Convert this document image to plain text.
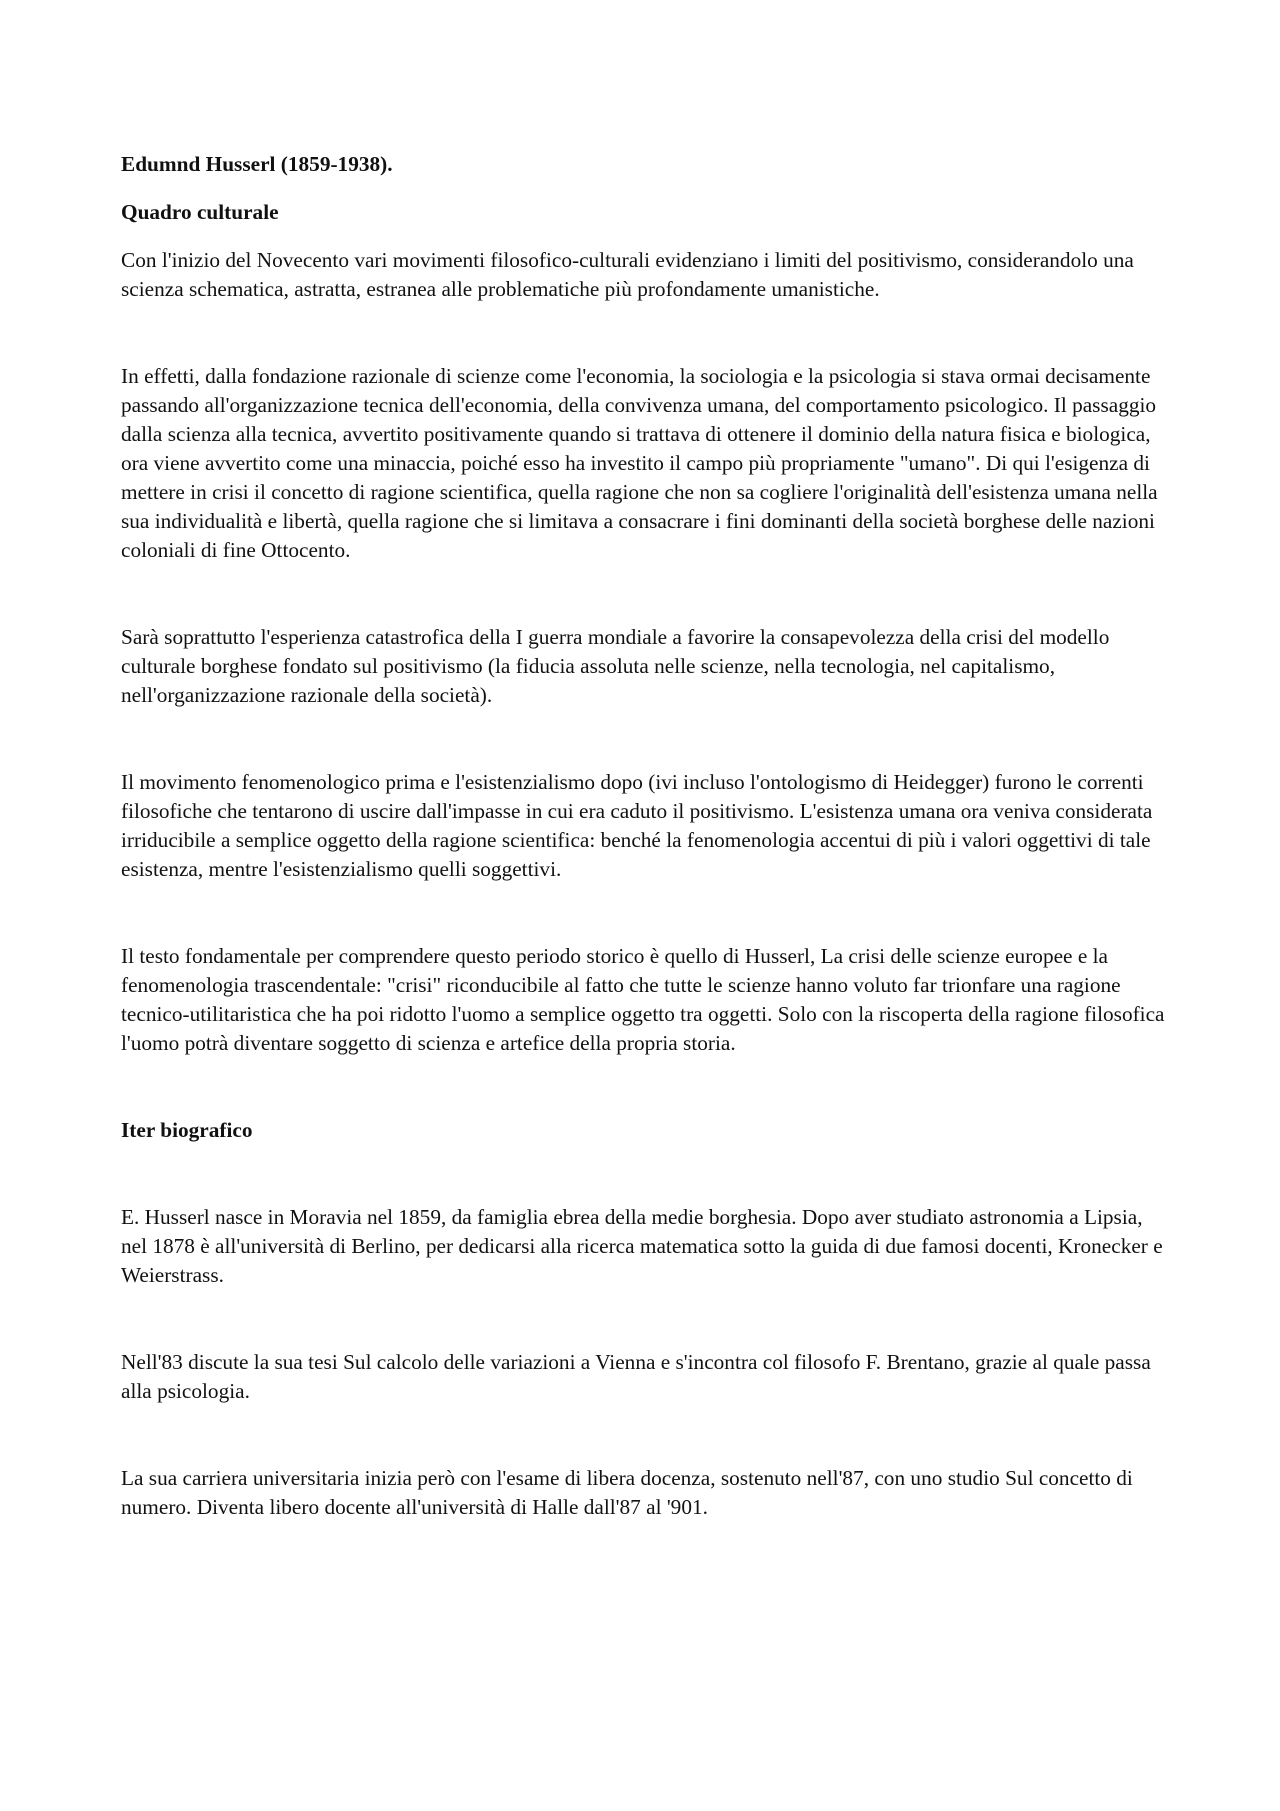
Edumnd Husserl (1859-1938).

Quadro culturale

Con l'inizio del Novecento vari movimenti filosofico-culturali evidenziano i limiti del positivismo, considerandolo una scienza schematica, astratta, estranea alle problematiche più profondamente umanistiche.

In effetti, dalla fondazione razionale di scienze come l'economia, la sociologia e la psicologia si stava ormai decisamente passando all'organizzazione tecnica dell'economia, della convivenza umana, del comportamento psicologico. Il passaggio dalla scienza alla tecnica, avvertito positivamente quando si trattava di ottenere il dominio della natura fisica e biologica, ora viene avvertito come una minaccia, poiché esso ha investito il campo più propriamente "umano". Di qui l'esigenza di mettere in crisi il concetto di ragione scientifica, quella ragione che non sa cogliere l'originalità dell'esistenza umana nella sua individualità e libertà, quella ragione che si limitava a consacrare i fini dominanti della società borghese delle nazioni coloniali di fine Ottocento.

Sarà soprattutto l'esperienza catastrofica della I guerra mondiale a favorire la consapevolezza della crisi del modello culturale borghese fondato sul positivismo (la fiducia assoluta nelle scienze, nella tecnologia, nel capitalismo, nell'organizzazione razionale della società).

Il movimento fenomenologico prima e l'esistenzialismo dopo (ivi incluso l'ontologismo di Heidegger) furono le correnti filosofiche che tentarono di uscire dall'impasse in cui era caduto il positivismo. L'esistenza umana ora veniva considerata irriducibile a semplice oggetto della ragione scientifica: benché la fenomenologia accentui di più i valori oggettivi di tale esistenza, mentre l'esistenzialismo quelli soggettivi.

Il testo fondamentale per comprendere questo periodo storico è quello di Husserl, La crisi delle scienze europee e la fenomenologia trascendentale: "crisi" riconducibile al fatto che tutte le scienze hanno voluto far trionfare una ragione tecnico-utilitaristica che ha poi ridotto l'uomo a semplice oggetto tra oggetti. Solo con la riscoperta della ragione filosofica l'uomo potrà diventare soggetto di scienza e artefice della propria storia.

Iter biografico

E. Husserl nasce in Moravia nel 1859, da famiglia ebrea della medie borghesia. Dopo aver studiato astronomia a Lipsia, nel 1878 è all'università di Berlino, per dedicarsi alla ricerca matematica sotto la guida di due famosi docenti, Kronecker e Weierstrass.

Nell'83 discute la sua tesi Sul calcolo delle variazioni a Vienna e s'incontra col filosofo F. Brentano, grazie al quale passa alla psicologia.

La sua carriera universitaria inizia però con l'esame di libera docenza, sostenuto nell'87, con uno studio Sul concetto di numero. Diventa libero docente all'università di Halle dall'87 al '901.
